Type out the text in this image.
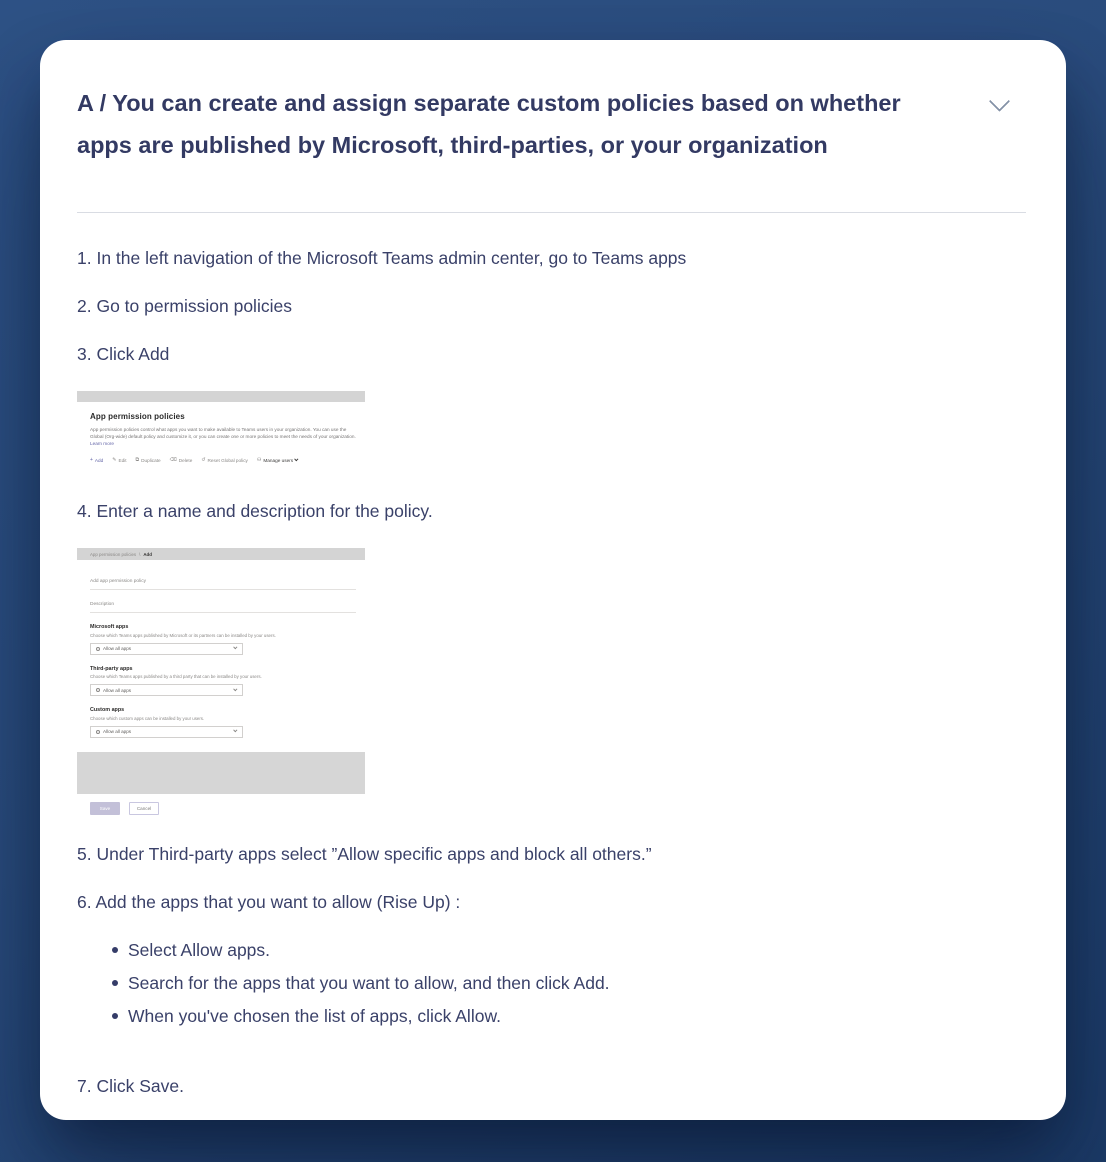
A / You can create and assign separate custom policies based on whether apps are published by Microsoft, third-parties, or your organization

1. In the left navigation of the Microsoft Teams admin center, go to Teams apps

2. Go to permission policies

3. Click Add

App permission policies

App permission policies control what apps you want to make available to Teams users in your organization. You can use the Global (Org-wide) default policy and customize it, or you can create one or more policies to meet the needs of your organization. Learn more

+ Add ✎ Edit ⧉ Duplicate ⌫ Delete ↺ Reset Global policy ⚇ Manage users

4. Enter a name and description for the policy.

App permission policies \ Add
Add app permission policy
Description
Microsoft apps
Choose which Teams apps published by Microsoft or its partners can be installed by your users.
Allow all apps
Third-party apps
Choose which Teams apps published by a third party that can be installed by your users.
Allow all apps
Custom apps
Choose which custom apps can be installed by your users.
Allow all apps
Save	Cancel

5. Under Third-party apps select ”Allow specific apps and block all others.”

6. Add the apps that you want to allow (Rise Up) :

Select Allow apps.
Search for the apps that you want to allow, and then click Add.
When you've chosen the list of apps, click Allow.

7. Click Save.
